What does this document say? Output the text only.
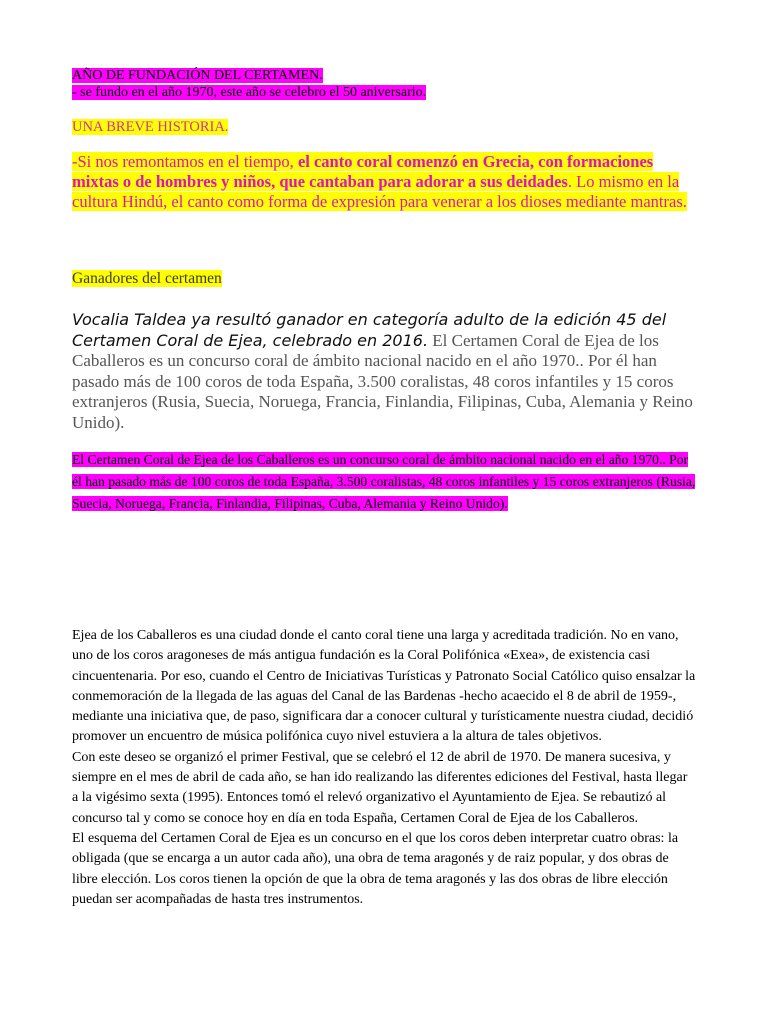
AÑO DE FUNDACIÓN DEL CERTAMEN.
- se fundo en el año 1970, este año se celebro el 50 aniversario.
UNA BREVE HISTORIA.
-Si nos remontamos en el tiempo, el canto coral comenzó en Grecia, con formaciones mixtas o de hombres y niños, que cantaban para adorar a sus deidades. Lo mismo en la cultura Hindú, el canto como forma de expresión para venerar a los dioses mediante mantras.
Ganadores del certamen
Vocalia Taldea ya resultó ganador en categoría adulto de la edición 45 del Certamen Coral de Ejea, celebrado en 2016. El Certamen Coral de Ejea de los Caballeros es un concurso coral de ámbito nacional nacido en el año 1970.. Por él han pasado más de 100 coros de toda España, 3.500 coralistas, 48 coros infantiles y 15 coros extranjeros (Rusia, Suecia, Noruega, Francia, Finlandia, Filipinas, Cuba, Alemania y Reino Unido).
El Certamen Coral de Ejea de los Caballeros es un concurso coral de ámbito nacional nacido en el año 1970.. Por él han pasado más de 100 coros de toda España, 3.500 coralistas, 48 coros infantiles y 15 coros extranjeros (Rusia, Suecia, Noruega, Francia, Finlandia, Filipinas, Cuba, Alemania y Reino Unido).

Ejea de los Caballeros es una ciudad donde el canto coral tiene una larga y acreditada tradición. No en vano, uno de los coros aragoneses de más antigua fundación es la Coral Polifónica «Exea», de existencia casi cincuentenaria. Por eso, cuando el Centro de Iniciativas Turísticas y Patronato Social Católico quiso ensalzar la conmemoración de la llegada de las aguas del Canal de las Bardenas -hecho acaecido el 8 de abril de 1959-, mediante una iniciativa que, de paso, significara dar a conocer cultural y turísticamente nuestra ciudad, decidió promover un encuentro de música polifónica cuyo nivel estuviera a la altura de tales objetivos.

Con este deseo se organizó el primer Festival, que se celebró el 12 de abril de 1970. De manera sucesiva, y siempre en el mes de abril de cada año, se han ido realizando las diferentes ediciones del Festival, hasta llegar a la vigésimo sexta (1995). Entonces tomó el relevó organizativo el Ayuntamiento de Ejea. Se rebautizó al concurso tal y como se conoce hoy en día en toda España, Certamen Coral de Ejea de los Caballeros.

El esquema del Certamen Coral de Ejea es un concurso en el que los coros deben interpretar cuatro obras: la obligada (que se encarga a un autor cada año), una obra de tema aragonés y de raiz popular, y dos obras de libre elección. Los coros tienen la opción de que la obra de tema aragonés y las dos obras de libre elección puedan ser acompañadas de hasta tres instrumentos.
